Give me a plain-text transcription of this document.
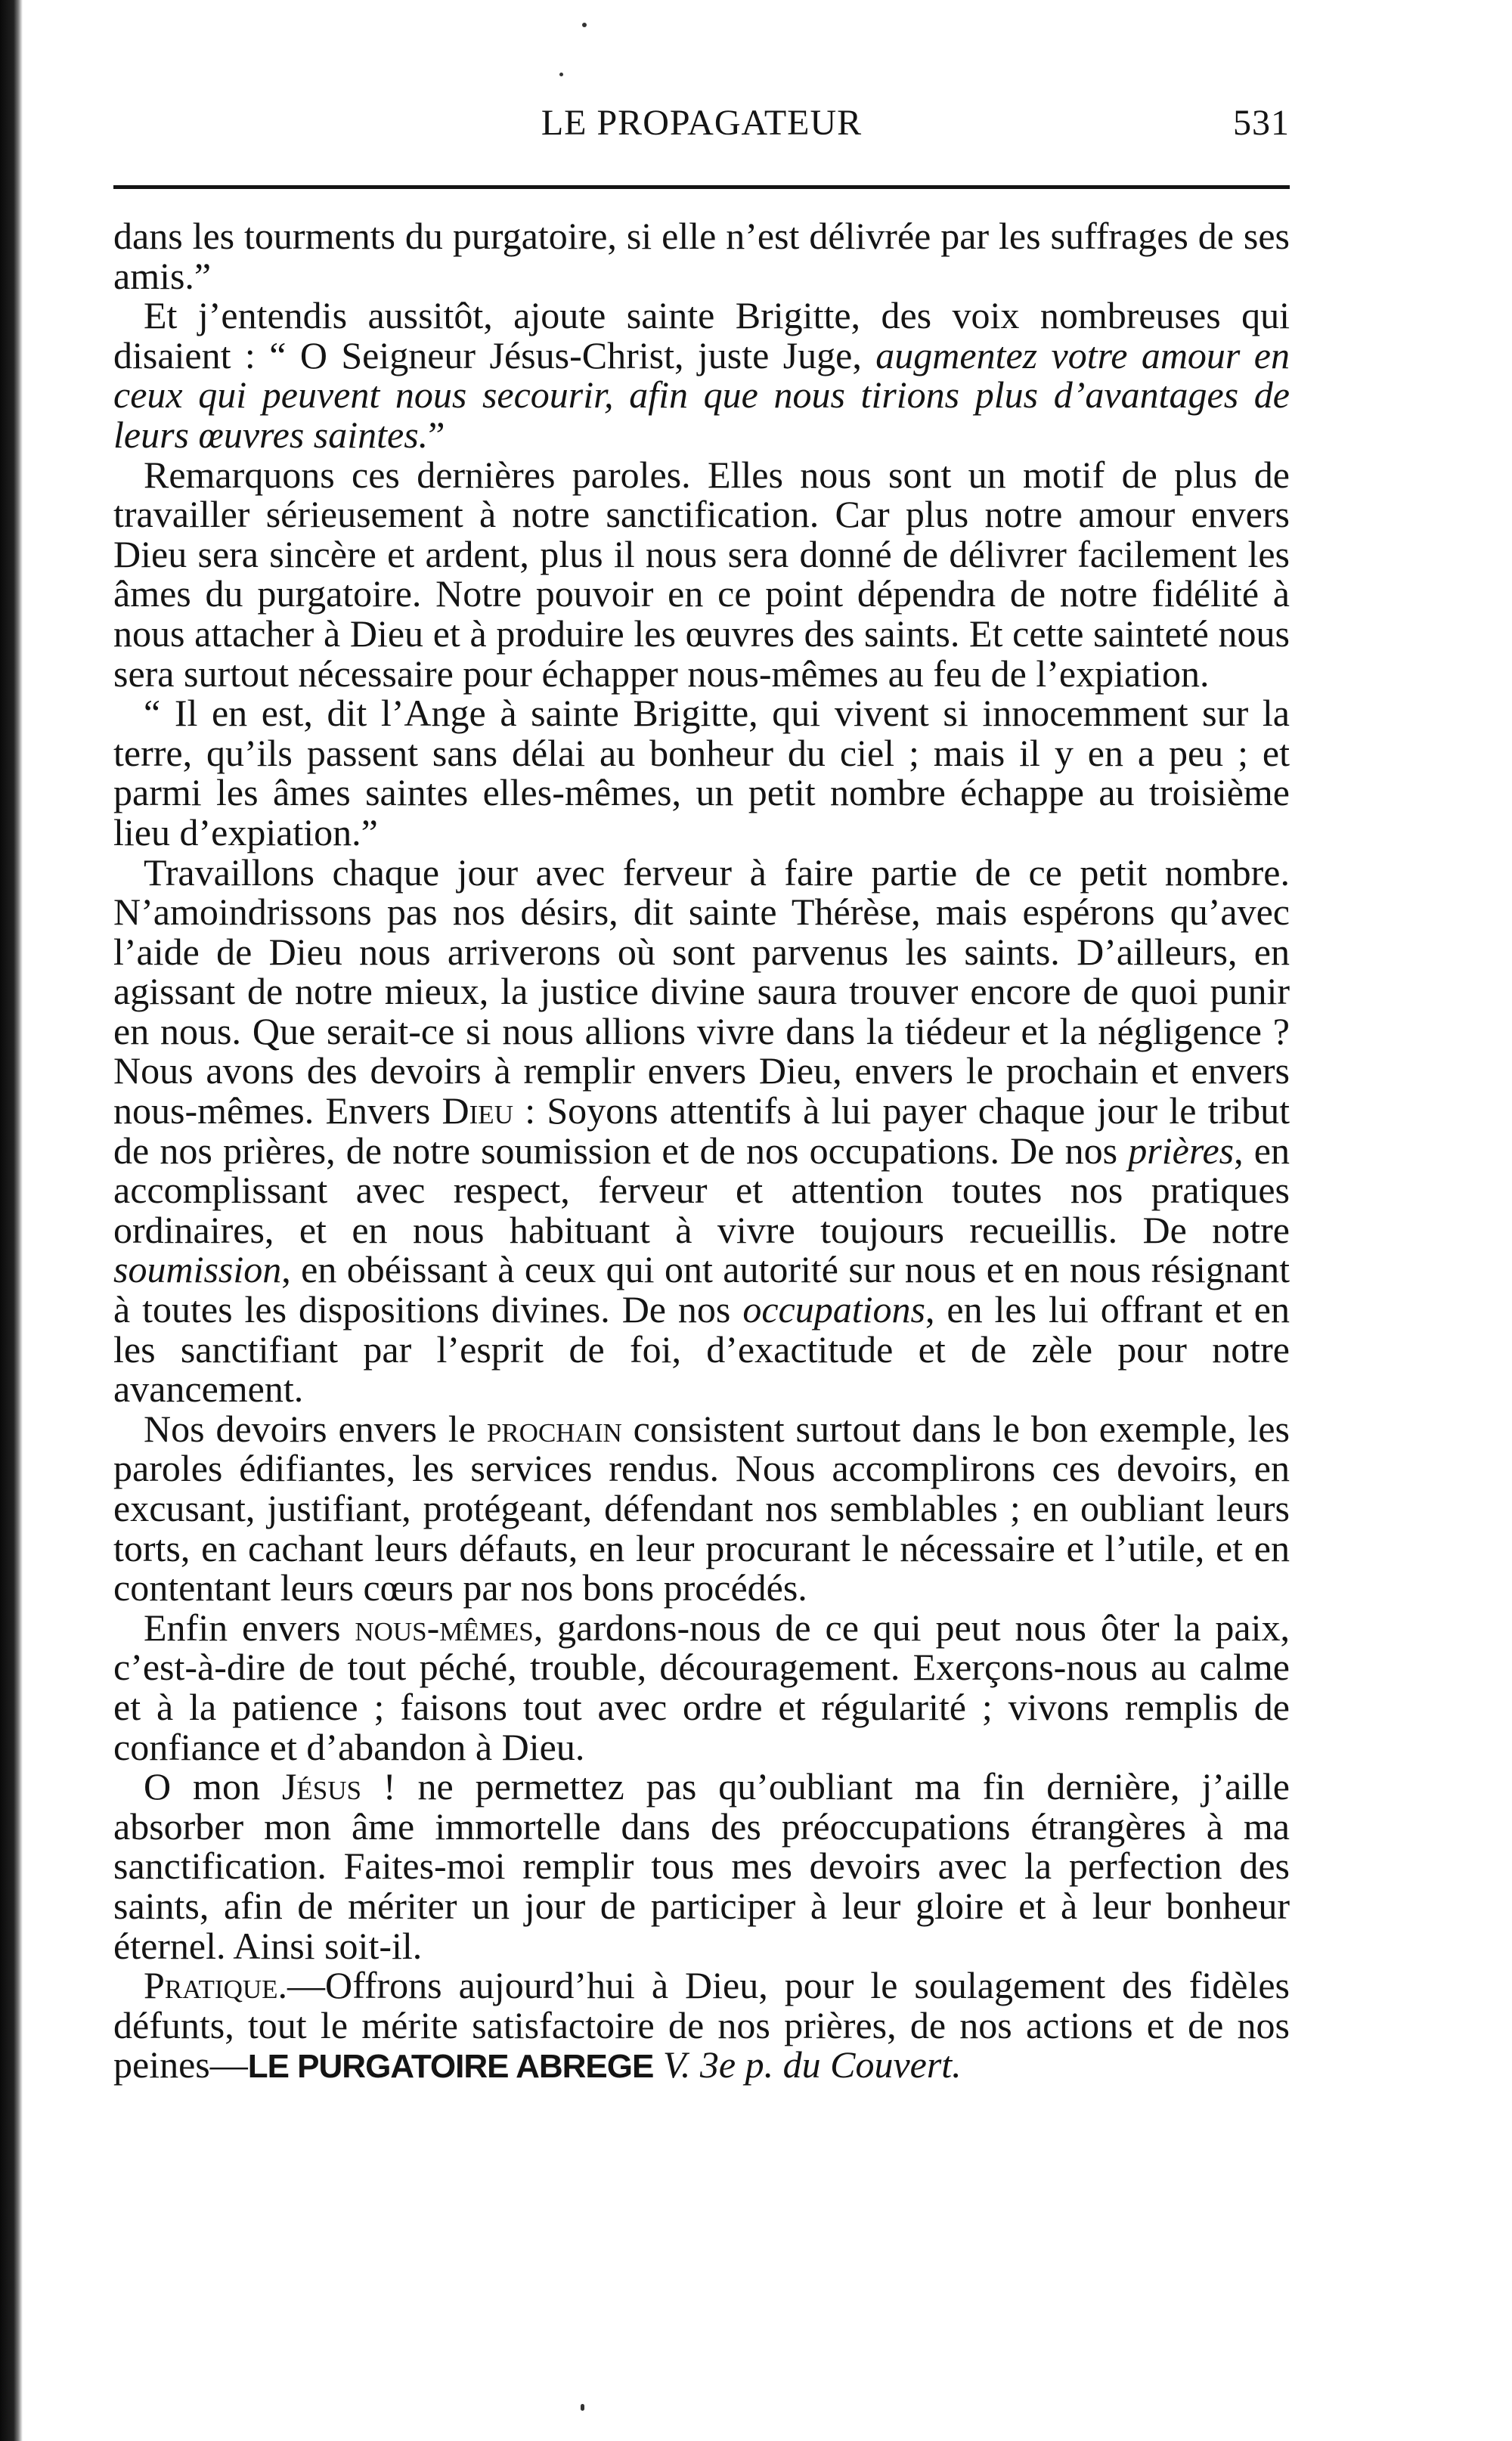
LE PROPAGATEUR	531

dans les tourments du purgatoire, si elle n’est délivrée par les suffrages de ses amis.”

Et j’entendis aussitôt, ajoute sainte Brigitte, des voix nombreuses qui disaient : “ O Seigneur Jésus-Christ, juste Juge, augmentez votre amour en ceux qui peuvent nous secourir, afin que nous tirions plus d’avantages de leurs œuvres saintes.”

Remarquons ces dernières paroles. Elles nous sont un motif de plus de travailler sérieusement à notre sanctification. Car plus notre amour envers Dieu sera sincère et ardent, plus il nous sera donné de délivrer facilement les âmes du purgatoire. Notre pouvoir en ce point dépendra de notre fidélité à nous attacher à Dieu et à produire les œuvres des saints. Et cette sainteté nous sera surtout nécessaire pour échapper nous-mêmes au feu de l’expiation.

“ Il en est, dit l’Ange à sainte Brigitte, qui vivent si innocemment sur la terre, qu’ils passent sans délai au bonheur du ciel ; mais il y en a peu ; et parmi les âmes saintes elles-mêmes, un petit nombre échappe au troisième lieu d’expiation.”

Travaillons chaque jour avec ferveur à faire partie de ce petit nombre. N’amoindrissons pas nos désirs, dit sainte Thérèse, mais espérons qu’avec l’aide de Dieu nous arriverons où sont parvenus les saints. D’ailleurs, en agissant de notre mieux, la justice divine saura trouver encore de quoi punir en nous. Que serait-ce si nous allions vivre dans la tiédeur et la négligence ? Nous avons des devoirs à remplir envers Dieu, envers le prochain et envers nous-mêmes. Envers Dieu : Soyons attentifs à lui payer chaque jour le tribut de nos prières, de notre soumission et de nos occupations. De nos prières, en accomplissant avec respect, ferveur et attention toutes nos pratiques ordinaires, et en nous habituant à vivre toujours recueillis. De notre soumission, en obéissant à ceux qui ont autorité sur nous et en nous résignant à toutes les dispositions divines. De nos occupations, en les lui offrant et en les sanctifiant par l’esprit de foi, d’exactitude et de zèle pour notre avancement.

Nos devoirs envers le prochain consistent surtout dans le bon exemple, les paroles édifiantes, les services rendus. Nous accomplirons ces devoirs, en excusant, justifiant, protégeant, défendant nos semblables ; en oubliant leurs torts, en cachant leurs défauts, en leur procurant le nécessaire et l’utile, et en contentant leurs cœurs par nos bons procédés.

Enfin envers nous-mêmes, gardons-nous de ce qui peut nous ôter la paix, c’est-à-dire de tout péché, trouble, découragement. Exerçons-nous au calme et à la patience ; faisons tout avec ordre et régularité ; vivons remplis de confiance et d’abandon à Dieu.

O mon Jésus ! ne permettez pas qu’oubliant ma fin dernière, j’aille absorber mon âme immortelle dans des préoccupations étrangères à ma sanctification. Faites-moi remplir tous mes devoirs avec la perfection des saints, afin de mériter un jour de participer à leur gloire et à leur bonheur éternel. Ainsi soit-il.

Pratique.—Offrons aujourd’hui à Dieu, pour le soulagement des fidèles défunts, tout le mérite satisfactoire de nos prières, de nos actions et de nos peines—LE PURGATOIRE ABREGE V. 3e p. du Couvert.
